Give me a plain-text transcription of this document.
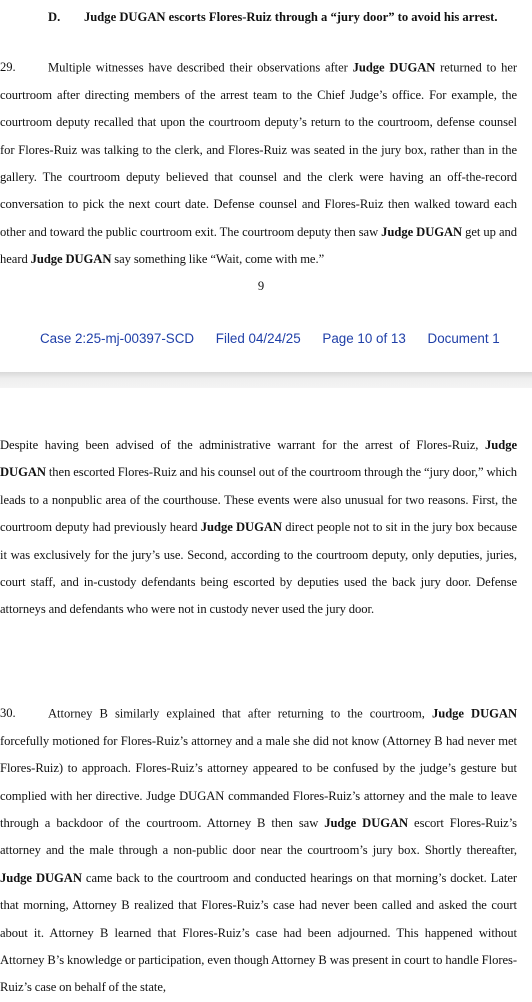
D. Judge DUGAN escorts Flores-Ruiz through a “jury door” to avoid his arrest.

29.	Multiple witnesses have described their observations after Judge DUGAN returned to her courtroom after directing members of the arrest team to the Chief Judge’s office. For example, the courtroom deputy recalled that upon the courtroom deputy’s return to the courtroom, defense counsel for Flores-Ruiz was talking to the clerk, and Flores-Ruiz was seated in the jury box, rather than in the gallery. The courtroom deputy believed that counsel and the clerk were having an off-the-record conversation to pick the next court date. Defense counsel and Flores-Ruiz then walked toward each other and toward the public courtroom exit. The courtroom deputy then saw Judge DUGAN get up and heard Judge DUGAN say something like “Wait, come with me.”

9
Case 2:25-mj-00397-SCD Filed 04/24/25 Page 10 of 13 Document 1

Despite having been advised of the administrative warrant for the arrest of Flores-Ruiz, Judge DUGAN then escorted Flores-Ruiz and his counsel out of the courtroom through the “jury door,” which leads to a nonpublic area of the courthouse. These events were also unusual for two reasons. First, the courtroom deputy had previously heard Judge DUGAN direct people not to sit in the jury box because it was exclusively for the jury’s use. Second, according to the courtroom deputy, only deputies, juries, court staff, and in-custody defendants being escorted by deputies used the back jury door. Defense attorneys and defendants who were not in custody never used the jury door.

30.	Attorney B similarly explained that after returning to the courtroom, Judge DUGAN forcefully motioned for Flores-Ruiz’s attorney and a male she did not know (Attorney B had never met Flores-Ruiz) to approach. Flores-Ruiz’s attorney appeared to be confused by the judge’s gesture but complied with her directive. Judge DUGAN commanded Flores-Ruiz’s attorney and the male to leave through a backdoor of the courtroom. Attorney B then saw Judge DUGAN escort Flores-Ruiz’s attorney and the male through a non-public door near the courtroom’s jury box. Shortly thereafter, Judge DUGAN came back to the courtroom and conducted hearings on that morning’s docket. Later that morning, Attorney B realized that Flores-Ruiz’s case had never been called and asked the court about it. Attorney B learned that Flores-Ruiz’s case had been adjourned. This happened without Attorney B’s knowledge or participation, even though Attorney B was present in court to handle Flores-Ruiz’s case on behalf of the state,
